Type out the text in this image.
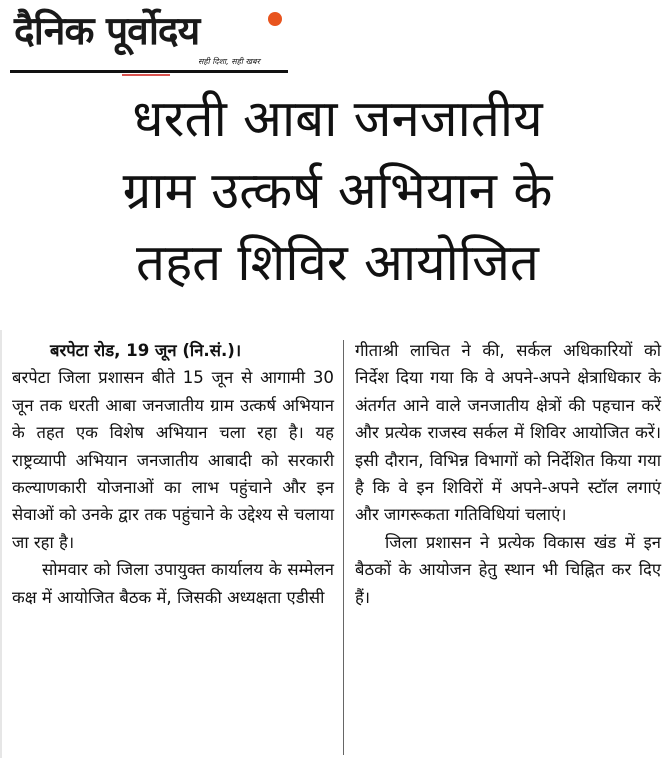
दैनिक पूर्वोदय
सही दिशा, सही खबर
धरती आबा जनजातीय
ग्राम उत्कर्ष अभियान के
तहत शिविर आयोजित
बरपेटा रोड, 19 जून (नि.सं.)।

बरपेटा जिला प्रशासन बीते 15 जून से आगामी 30 जून तक धरती आबा जनजातीय ग्राम उत्कर्ष अभियान के तहत एक विशेष अभियान चला रहा है। यह राष्ट्रव्यापी अभियान जनजातीय आबादी को सरकारी कल्याणकारी योजनाओं का लाभ पहुंचाने और इन सेवाओं को उनके द्वार तक पहुंचाने के उद्देश्य से चलाया जा रहा है।

सोमवार को जिला उपायुक्त कार्यालय के सम्मेलन कक्ष में आयोजित बैठक में, जिसकी अध्यक्षता एडीसी

गीताश्री लाचित ने की, सर्कल अधिकारियों को निर्देश दिया गया कि वे अपने-अपने क्षेत्राधिकार के अंतर्गत आने वाले जनजातीय क्षेत्रों की पहचान करें और प्रत्येक राजस्व सर्कल में शिविर आयोजित करें। इसी दौरान, विभिन्न विभागों को निर्देशित किया गया है कि वे इन शिविरों में अपने-अपने स्टॉल लगाएं और जागरूकता गतिविधियां चलाएं।

जिला प्रशासन ने प्रत्येक विकास खंड में इन बैठकों के आयोजन हेतु स्थान भी चिह्नित कर दिए हैं।
